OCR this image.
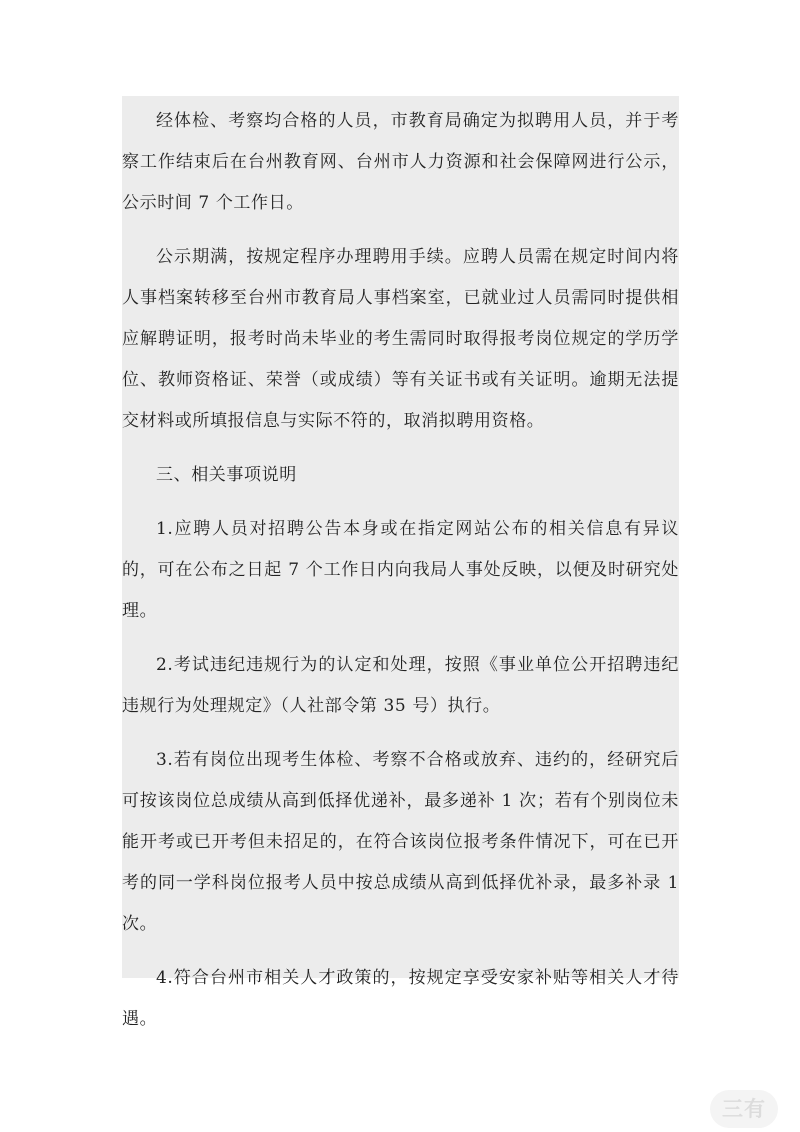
经体检、考察均合格的人员，市教育局确定为拟聘用人员，并于考察工作结束后在台州教育网、台州市人力资源和社会保障网进行公示，公示时间 7 个工作日。

公示期满，按规定程序办理聘用手续。应聘人员需在规定时间内将人事档案转移至台州市教育局人事档案室，已就业过人员需同时提供相应解聘证明，报考时尚未毕业的考生需同时取得报考岗位规定的学历学位、教师资格证、荣誉（或成绩）等有关证书或有关证明。逾期无法提交材料或所填报信息与实际不符的，取消拟聘用资格。

三、相关事项说明

1.应聘人员对招聘公告本身或在指定网站公布的相关信息有异议的，可在公布之日起 7 个工作日内向我局人事处反映，以便及时研究处理。

2.考试违纪违规行为的认定和处理，按照《事业单位公开招聘违纪违规行为处理规定》（人社部令第 35 号）执行。

3.若有岗位出现考生体检、考察不合格或放弃、违约的，经研究后可按该岗位总成绩从高到低择优递补，最多递补 1 次；若有个别岗位未能开考或已开考但未招足的，在符合该岗位报考条件情况下，可在已开考的同一学科岗位报考人员中按总成绩从高到低择优补录，最多补录 1 次。

4.符合台州市相关人才政策的，按规定享受安家补贴等相关人才待遇。

三有
